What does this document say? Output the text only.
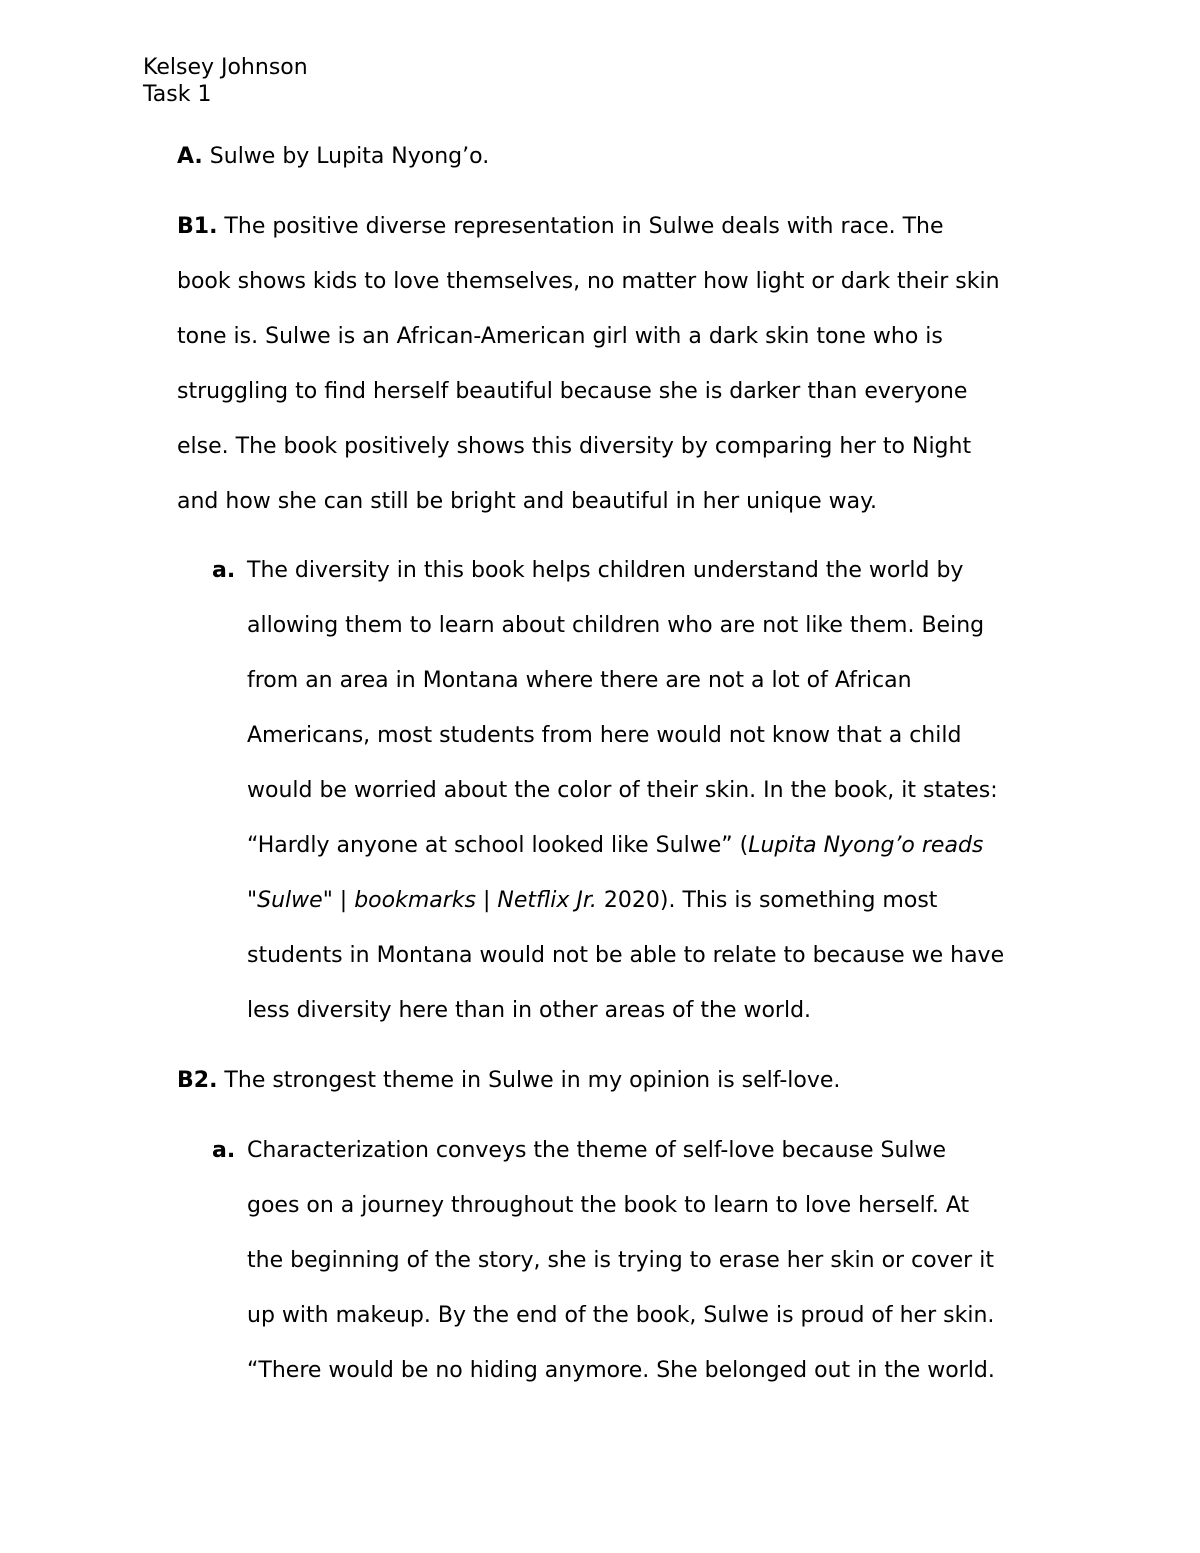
Kelsey Johnson
Task 1

A. Sulwe by Lupita Nyong’o.

B1. The positive diverse representation in Sulwe deals with race. The
book shows kids to love themselves, no matter how light or dark their skin
tone is. Sulwe is an African-American girl with a dark skin tone who is
struggling to find herself beautiful because she is darker than everyone
else. The book positively shows this diversity by comparing her to Night
and how she can still be bright and beautiful in her unique way.
a. The diversity in this book helps children understand the world by
allowing them to learn about children who are not like them. Being
from an area in Montana where there are not a lot of African
Americans, most students from here would not know that a child
would be worried about the color of their skin. In the book, it states:
“Hardly anyone at school looked like Sulwe” (Lupita Nyong’o reads
"Sulwe" | bookmarks | Netflix Jr. 2020). This is something most
students in Montana would not be able to relate to because we have
less diversity here than in other areas of the world.

B2. The strongest theme in Sulwe in my opinion is self-love.

a. Characterization conveys the theme of self-love because Sulwe
goes on a journey throughout the book to learn to love herself. At
the beginning of the story, she is trying to erase her skin or cover it
up with makeup. By the end of the book, Sulwe is proud of her skin.
“There would be no hiding anymore. She belonged out in the world.
